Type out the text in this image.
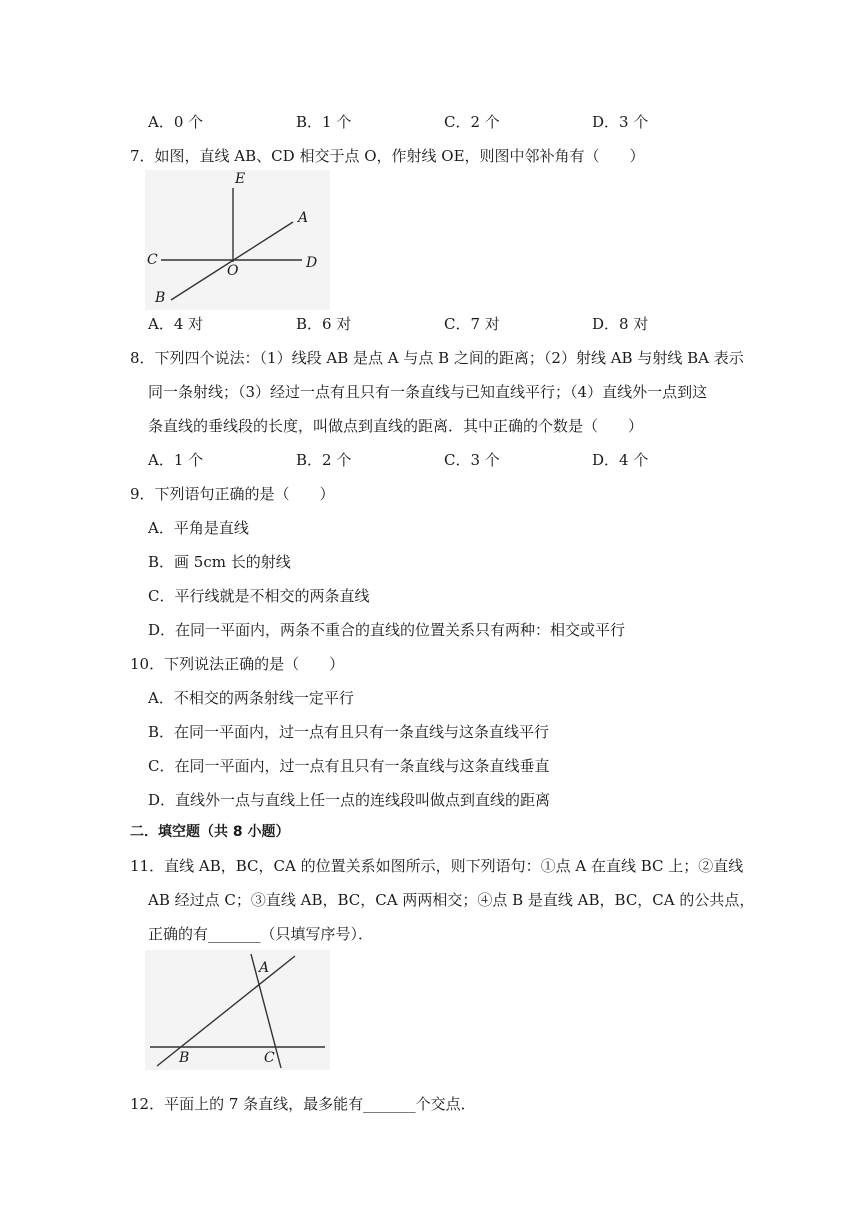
A．0 个	B．1 个	C．2 个	D．3 个
7．如图，直线 AB、CD 相交于点 O，作射线 OE，则图中邻补角有（　　）
E
A
C
O	D
B
A．4 对	B．6 对	C．7 对	D．8 对
8．下列四个说法：（1）线段 AB 是点 A 与点 B 之间的距离；（2）射线 AB 与射线 BA 表示
同一条射线；（3）经过一点有且只有一条直线与已知直线平行；（4）直线外一点到这
条直线的垂线段的长度，叫做点到直线的距离．其中正确的个数是（　　）
A．1 个	B．2 个	C．3 个	D．4 个
9．下列语句正确的是（　　）
A．平角是直线
B．画 5cm 长的射线
C．平行线就是不相交的两条直线
D．在同一平面内，两条不重合的直线的位置关系只有两种：相交或平行
10．下列说法正确的是（　　）
A．不相交的两条射线一定平行
B．在同一平面内，过一点有且只有一条直线与这条直线平行
C．在同一平面内，过一点有且只有一条直线与这条直线垂直
D．直线外一点与直线上任一点的连线段叫做点到直线的距离
二．填空题（共 8 小题）
11．直线 AB，BC，CA 的位置关系如图所示，则下列语句：①点 A 在直线 BC 上；②直线
AB 经过点 C；③直线 AB，BC，CA 两两相交；④点 B 是直线 AB，BC，CA 的公共点，
正确的有_______（只填写序号）．
A
B	C
12．平面上的 7 条直线，最多能有_______个交点．
